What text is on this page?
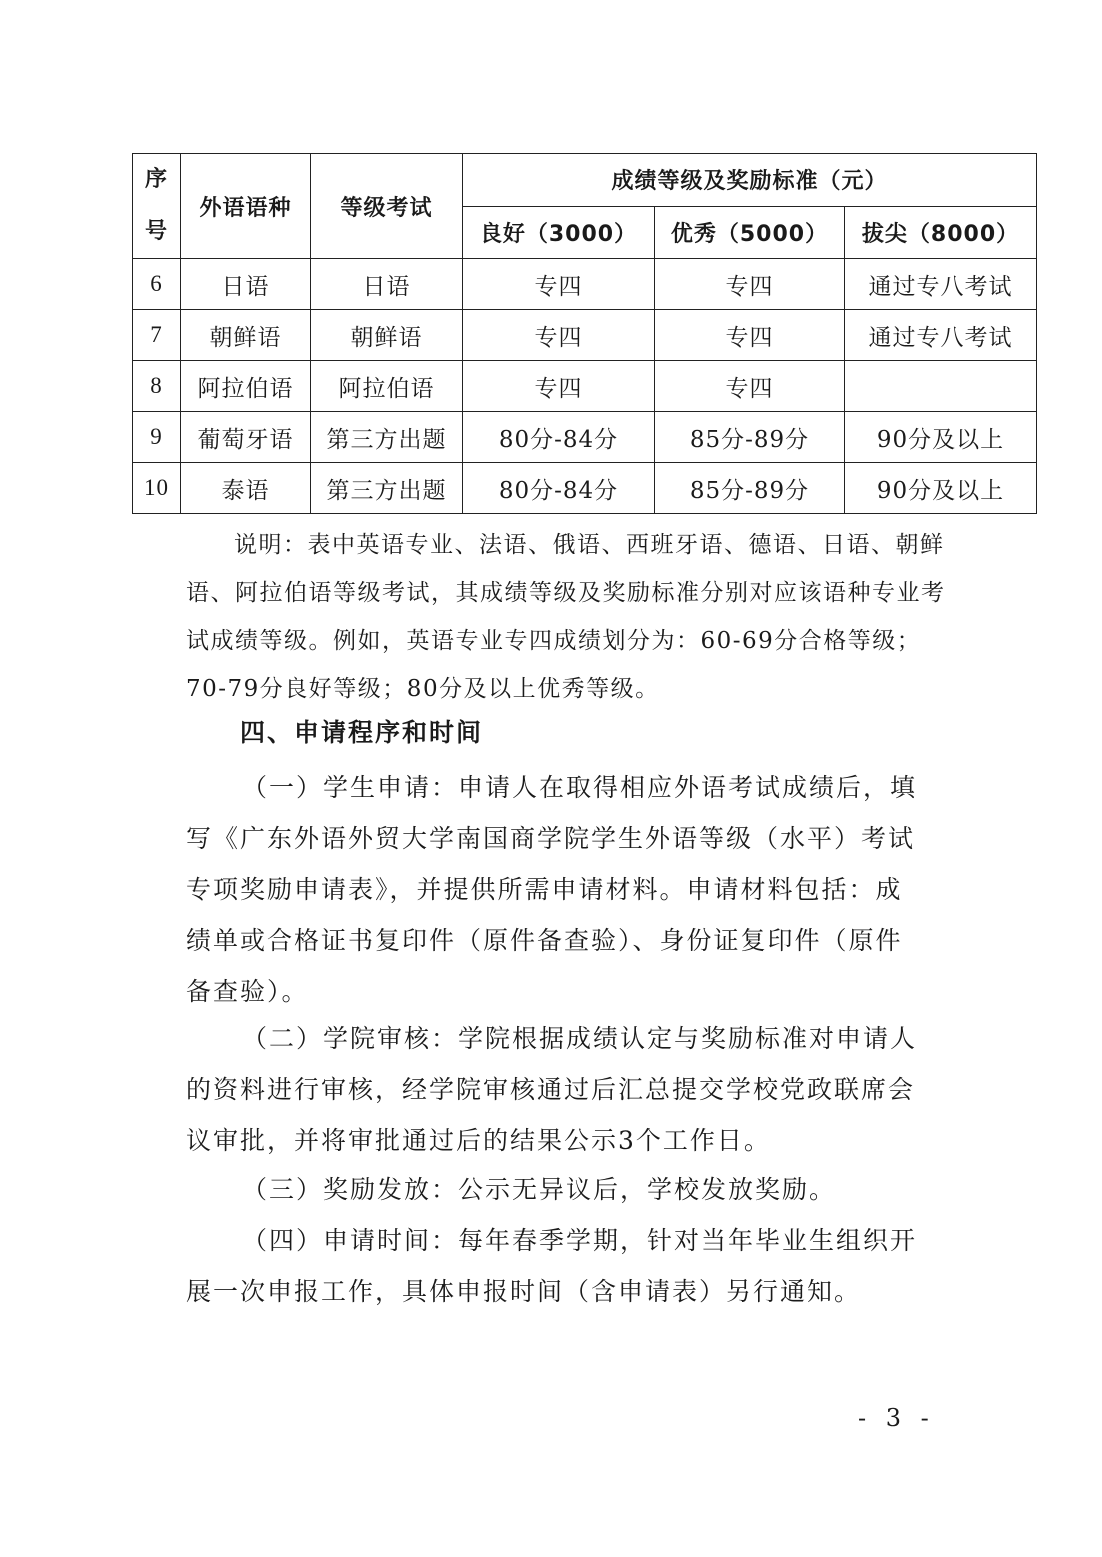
序号	外语语种	等级考试	成绩等级及奖励标准（元）		
			良好（3000）	优秀（5000）	拔尖（8000）
6	日语	日语	专四	专四	通过专八考试
7	朝鲜语	朝鲜语	专四	专四	通过专八考试
8	阿拉伯语	阿拉伯语	专四	专四	
9	葡萄牙语	第三方出题	80分-84分	85分-89分	90分及以上
10	泰语	第三方出题	80分-84分	85分-89分	90分及以上

说明：表中英语专业、法语、俄语、西班牙语、德语、日语、朝鲜语、阿拉伯语等级考试，其成绩等级及奖励标准分别对应该语种专业考试成绩等级。例如，英语专业专四成绩划分为：60-69分合格等级；70-79分良好等级；80分及以上优秀等级。

四、申请程序和时间

（一）学生申请：申请人在取得相应外语考试成绩后，填写《广东外语外贸大学南国商学院学生外语等级（水平）考试专项奖励申请表》，并提供所需申请材料。申请材料包括：成绩单或合格证书复印件（原件备查验）、身份证复印件（原件备查验）。

（二）学院审核：学院根据成绩认定与奖励标准对申请人的资料进行审核，经学院审核通过后汇总提交学校党政联席会议审批，并将审批通过后的结果公示3个工作日。

（三）奖励发放：公示无异议后，学校发放奖励。

（四）申请时间：每年春季学期，针对当年毕业生组织开展一次申报工作，具体申报时间（含申请表）另行通知。

- 3 -
